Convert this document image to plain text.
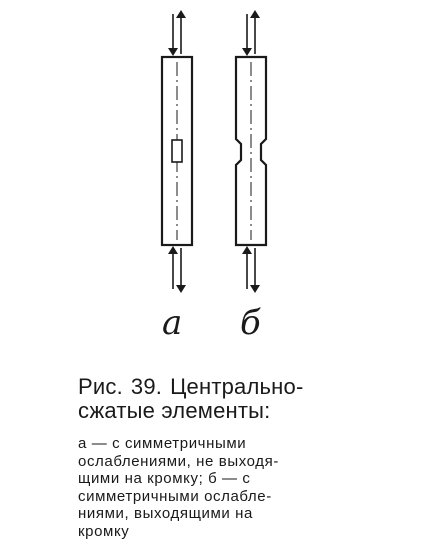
а б
Рис. 39. Центрально-
сжатые элементы:
а — с симметричными
ослаблениями, не выходя-
щими на кромку; б — с
симметричными ослабле-
ниями, выходящими на
кромку
